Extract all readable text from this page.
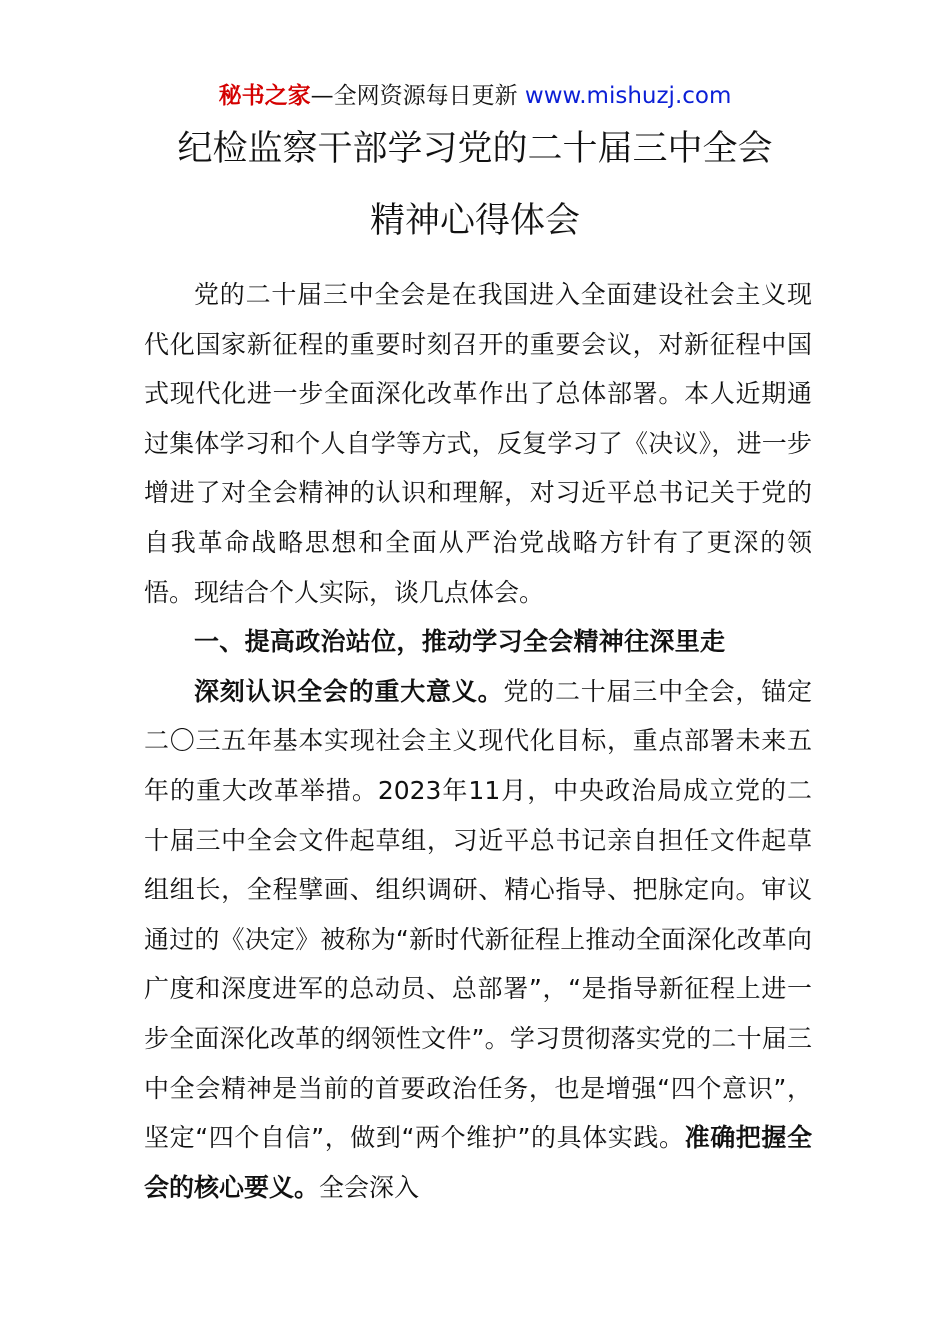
秘书之家—全网资源每日更新 www.mishuzj.com
纪检监察干部学习党的二十届三中全会
精神心得体会

党的二十届三中全会是在我国进入全面建设社会主义现代化国家新征程的重要时刻召开的重要会议，对新征程中国式现代化进一步全面深化改革作出了总体部署。本人近期通过集体学习和个人自学等方式，反复学习了《决议》，进一步增进了对全会精神的认识和理解，对习近平总书记关于党的自我革命战略思想和全面从严治党战略方针有了更深的领悟。现结合个人实际，谈几点体会。

一、提高政治站位，推动学习全会精神往深里走

深刻认识全会的重大意义。党的二十届三中全会，锚定二〇三五年基本实现社会主义现代化目标，重点部署未来五年的重大改革举措。2023年11月，中央政治局成立党的二十届三中全会文件起草组，习近平总书记亲自担任文件起草组组长，全程擘画、组织调研、精心指导、把脉定向。审议通过的《决定》被称为“新时代新征程上推动全面深化改革向广度和深度进军的总动员、总部署”，“是指导新征程上进一步全面深化改革的纲领性文件”。学习贯彻落实党的二十届三中全会精神是当前的首要政治任务，也是增强“四个意识”，坚定“四个自信”，做到“两个维护”的具体实践。准确把握全会的核心要义。全会深入
